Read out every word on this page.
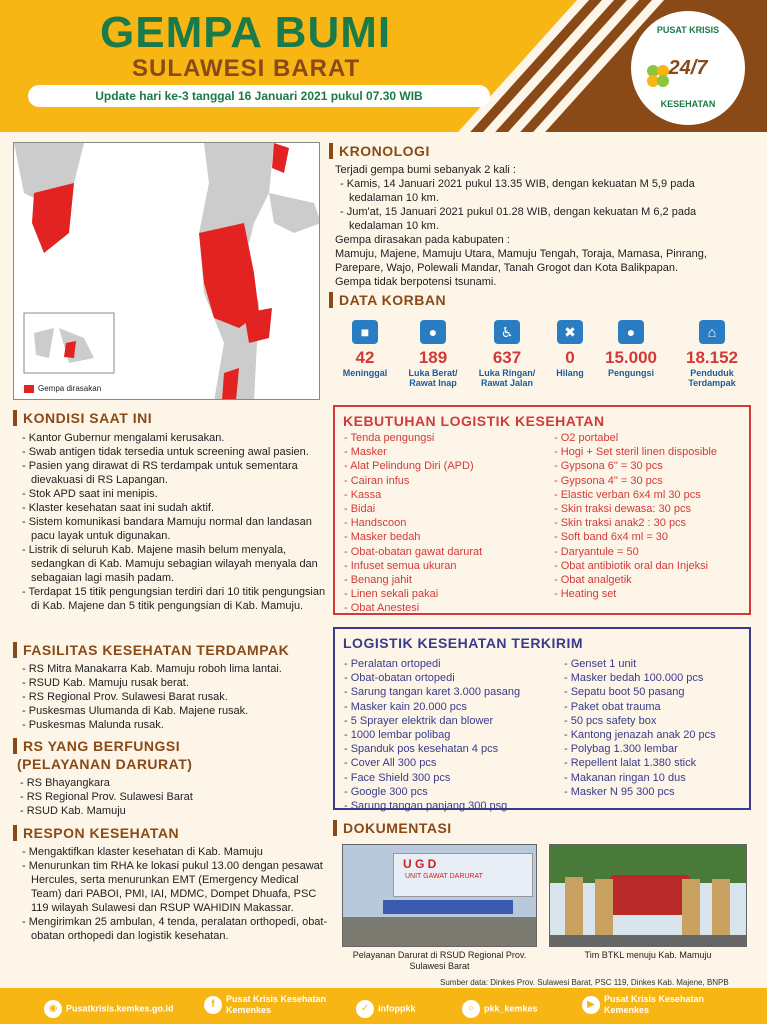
GEMPA BUMI
SULAWESI BARAT
Update hari ke-3 tanggal 16 Januari 2021 pukul 07.30 WIB
PUSAT KRISIS
24/7
KESEHATAN
Gempa dirasakan
KRONOLOGI
Terjadi gempa bumi sebanyak 2 kali :
- Kamis, 14 Januari 2021 pukul 13.35 WIB, dengan kekuatan M 5,9 pada kedalaman 10 km.
- Jum'at, 15 Januari 2021 pukul 01.28 WIB, dengan kekuatan M 6,2 pada kedalaman 10 km.
Gempa dirasakan pada kabupaten :
Mamuju, Majene, Mamuju Utara, Mamuju Tengah, Toraja, Mamasa, Pinrang, Parepare, Wajo, Polewali Mandar, Tanah Grogot dan Kota Balikpapan.
Gempa tidak berpotensi tsunami.
DATA KORBAN
■
42
Meninggal
●
189
Luka Berat/ Rawat Inap
♿
637
Luka Ringan/ Rawat Jalan
✖
0
Hilang
●
15.000
Pengungsi
⌂
18.152
Penduduk Terdampak
KONDISI SAAT INI
- Kantor Gubernur mengalami kerusakan.
- Swab antigen tidak tersedia untuk screening awal pasien.
- Pasien yang dirawat di RS terdampak untuk sementara dievakuasi di RS Lapangan.
- Stok APD saat ini menipis.
- Klaster kesehatan saat ini sudah aktif.
- Sistem komunikasi bandara Mamuju normal dan landasan pacu layak untuk digunakan.
- Listrik di seluruh Kab. Majene masih belum menyala, sedangkan di Kab. Mamuju sebagian wilayah menyala dan sebagaian lagi masih padam.
- Terdapat 15 titik pengungsian terdiri dari 10 titik pengungsian di Kab. Majene dan 5 titik pengungsian di Kab. Mamuju.
FASILITAS KESEHATAN TERDAMPAK
- RS Mitra Manakarra Kab. Mamuju roboh lima lantai.
- RSUD Kab. Mamuju rusak berat.
- RS Regional Prov. Sulawesi Barat rusak.
- Puskesmas Ulumanda di Kab. Majene rusak.
- Puskesmas Malunda rusak.
RS YANG BERFUNGSI
(PELAYANAN DARURAT)
- RS Bhayangkara
- RS Regional Prov. Sulawesi Barat
- RSUD Kab. Mamuju
RESPON KESEHATAN
- Mengaktifkan klaster kesehatan di Kab. Mamuju
- Menurunkan tim RHA ke lokasi pukul 13.00 dengan pesawat Hercules, serta menurunkan EMT (Emergency Medical Team) dari PABOI, PMI, IAI, MDMC, Dompet Dhuafa, PSC 119 wilayah Sulawesi dan RSUP WAHIDIN Makassar.
- Mengirimkan 25 ambulan, 4 tenda, peralatan orthopedi, obat-obatan orthopedi dan logistik kesehatan.
KEBUTUHAN LOGISTIK KESEHATAN
- Tenda pengungsi
- Masker
- Alat Pelindung Diri (APD)
- Cairan infus
- Kassa
- Bidai
- Handscoon
- Masker bedah
- Obat-obatan gawat darurat
- Infuset semua ukuran
- Benang jahit
- Linen sekali pakai
- Obat Anestesi
- O2 portabel
- Hogi + Set steril linen disposible
- Gypsona 6" = 30 pcs
- Gypsona 4" = 30 pcs
- Elastic verban 6x4 ml 30 pcs
- Skin traksi dewasa: 30 pcs
- Skin traksi anak2 : 30 pcs
- Soft band 6x4 ml = 30
- Daryantule = 50
- Obat antibiotik oral dan Injeksi
- Obat analgetik
- Heating set
LOGISTIK KESEHATAN TERKIRIM
- Peralatan ortopedi
- Obat-obatan ortopedi
- Sarung tangan karet 3.000 pasang
- Masker kain 20.000 pcs
- 5 Sprayer elektrik dan blower
- 1000 lembar polibag
- Spanduk pos kesehatan 4 pcs
- Cover All 300 pcs
- Face Shield 300 pcs
- Google 300 pcs
- Sarung tangan panjang 300 psg
- Genset 1 unit
- Masker bedah 100.000 pcs
- Sepatu boot 50 pasang
- Paket obat trauma
- 50 pcs safety box
- Kantong jenazah anak 20 pcs
- Polybag 1.300 lembar
- Repellent lalat 1.380 stick
- Makanan ringan 10 dus
- Masker N 95 300 pcs
DOKUMENTASI
U G D
UNIT GAWAT DARURAT
Pelayanan Darurat di RSUD Regional Prov. Sulawesi Barat
Tim BTKL menuju Kab. Mamuju
Sumber data: Dinkes Prov. Sulawesi Barat, PSC 119, Dinkes Kab. Majene, BNPB
◉ Pusatkrisis.kemkes.go.id	f	Pusat Krisis Kesehatan Kemenkes	✓ infoppkk	○ pkk_kemkes	▶	Pusat Krisis Kesehatan Kemenkes
